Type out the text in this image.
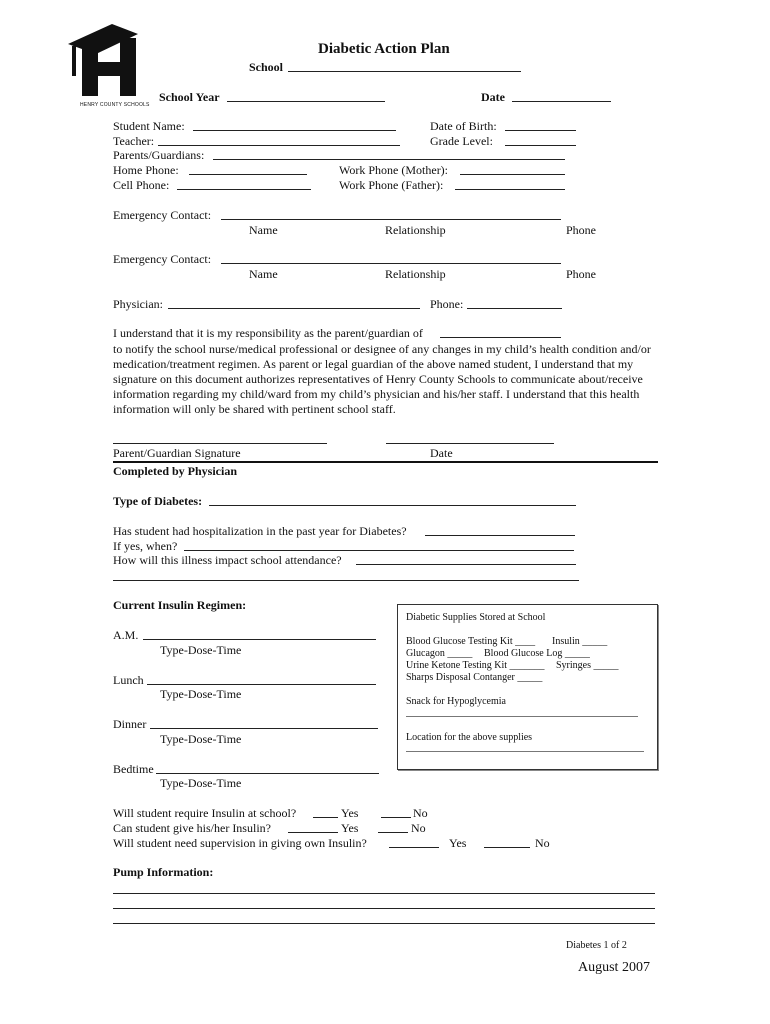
HENRY COUNTY SCHOOLS
Diabetic Action Plan
School
School Year	Date
Student Name:	Date of Birth:
Teacher:	Grade Level:
Parents/Guardians:
Home Phone:	Work Phone (Mother):
Cell Phone:	Work Phone (Father):
Emergency Contact:
Name	Relationship	Phone
Emergency Contact:
Name	Relationship	Phone
Physician:	Phone:
I understand that it is my responsibility as the parent/guardian of
to notify the school nurse/medical professional or designee of any changes in my child’s health condition and/or medication/treatment regimen. As parent or legal guardian of the above named student, I understand that my signature on this document authorizes representatives of Henry County Schools to communicate about/receive information regarding my child/ward from my child’s physician and his/her staff. I understand that this health information will only be shared with pertinent school staff.
Parent/Guardian Signature	Date
Completed by Physician
Type of Diabetes:
Has student had hospitalization in the past year for Diabetes?
If yes, when?
How will this illness impact school attendance?
Current Insulin Regimen:
A.M.
Type-Dose-Time
Lunch
Type-Dose-Time
Dinner
Type-Dose-Time
Bedtime
Type-Dose-Time
Diabetic Supplies Stored at School
Blood Glucose Testing Kit ____ Insulin _____
Glucagon _____ Blood Glucose Log _____
Urine Ketone Testing Kit _______ Syringes _____
Sharps Disposal Contanger _____
Snack for Hypoglycemia
Location for the above supplies
Will student require Insulin at school?	Yes	No
Can student give his/her Insulin?	Yes	No
Will student need supervision in giving own Insulin?	Yes	No
Pump Information:
Diabetes 1 of 2
August 2007
